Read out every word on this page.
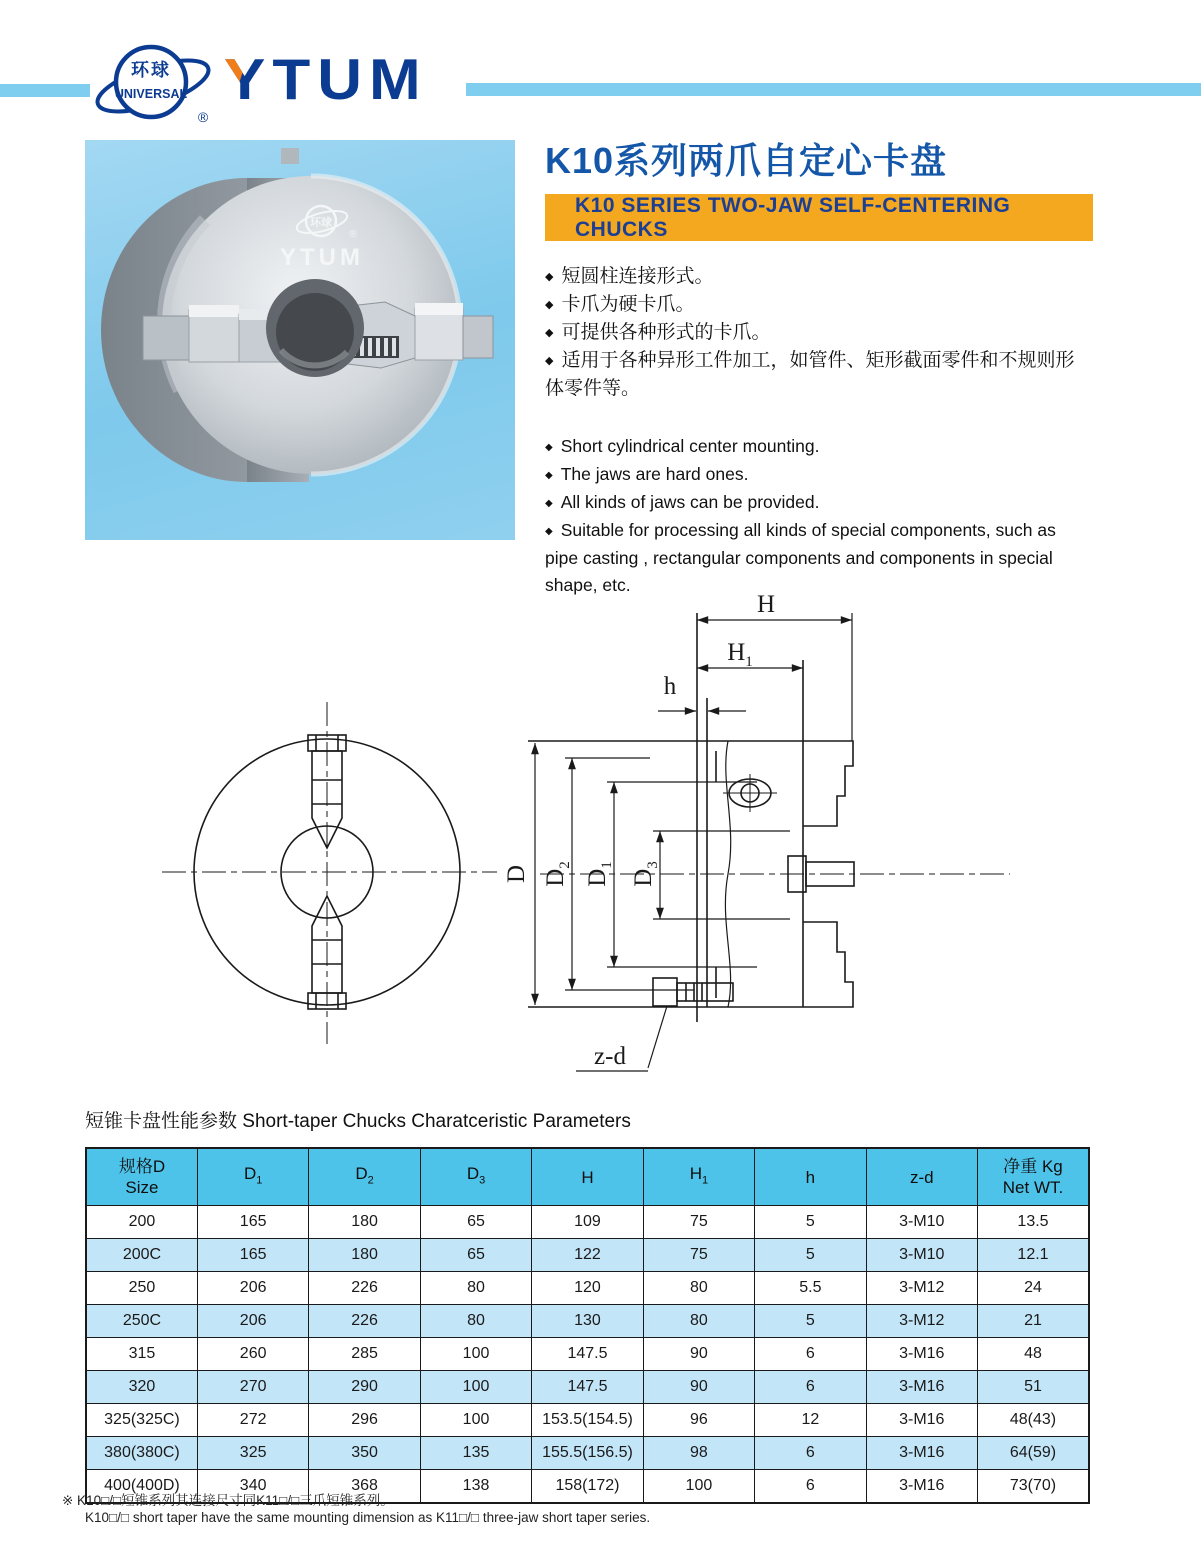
环球
UNIVERSAL
®
Y YTUM
环球
YTUM
®
K10系列两爪自定心卡盘
K10 SERIES TWO-JAW SELF-CENTERING CHUCKS
◆ 短圆柱连接形式。
◆ 卡爪为硬卡爪。
◆ 可提供各种形式的卡爪。
◆ 适用于各种异形工件加工，如管件、矩形截面零件和不规则形体零件等。
◆ Short cylindrical center mounting.
◆ The jaws are hard ones.
◆ All kinds of jaws can be provided.
◆ Suitable for processing all kinds of special components, such as pipe casting , rectangular components and components in special shape, etc.
H
$H_1$
h
D $D_2$
$D_1$
$D_3$
z-d

短锥卡盘性能参数 Short-taper Chucks Charatceristic Parameters

规格D
Size	$D_1$	$D_2$	$D_3$	H	$H_1$	h	z-d	净重 Kg
Net WT.
200	165	180	65	109	75	5	3-M10	13.5
200C	165	180	65	122	75	5	3-M10	12.1
250	206	226	80	120	80	5.5	3-M12	24
250C	206	226	80	130	80	5	3-M12	21
315	260	285	100	147.5	90	6	3-M16	48
320	270	290	100	147.5	90	6	3-M16	51
325(325C)	272	296	100	153.5(154.5)	96	12	3-M16	48(43)
380(380C)	325	350	135	155.5(156.5)	98	6	3-M16	64(59)
400(400D)	340	368	138	158(172)	100	6	3-M16	73(70)
※ K10□/□短锥系列其连接尺寸同K11□/□三爪短锥系列。
K10□/□ short taper have the same mounting dimension as K11□/□ three-jaw short taper series.
